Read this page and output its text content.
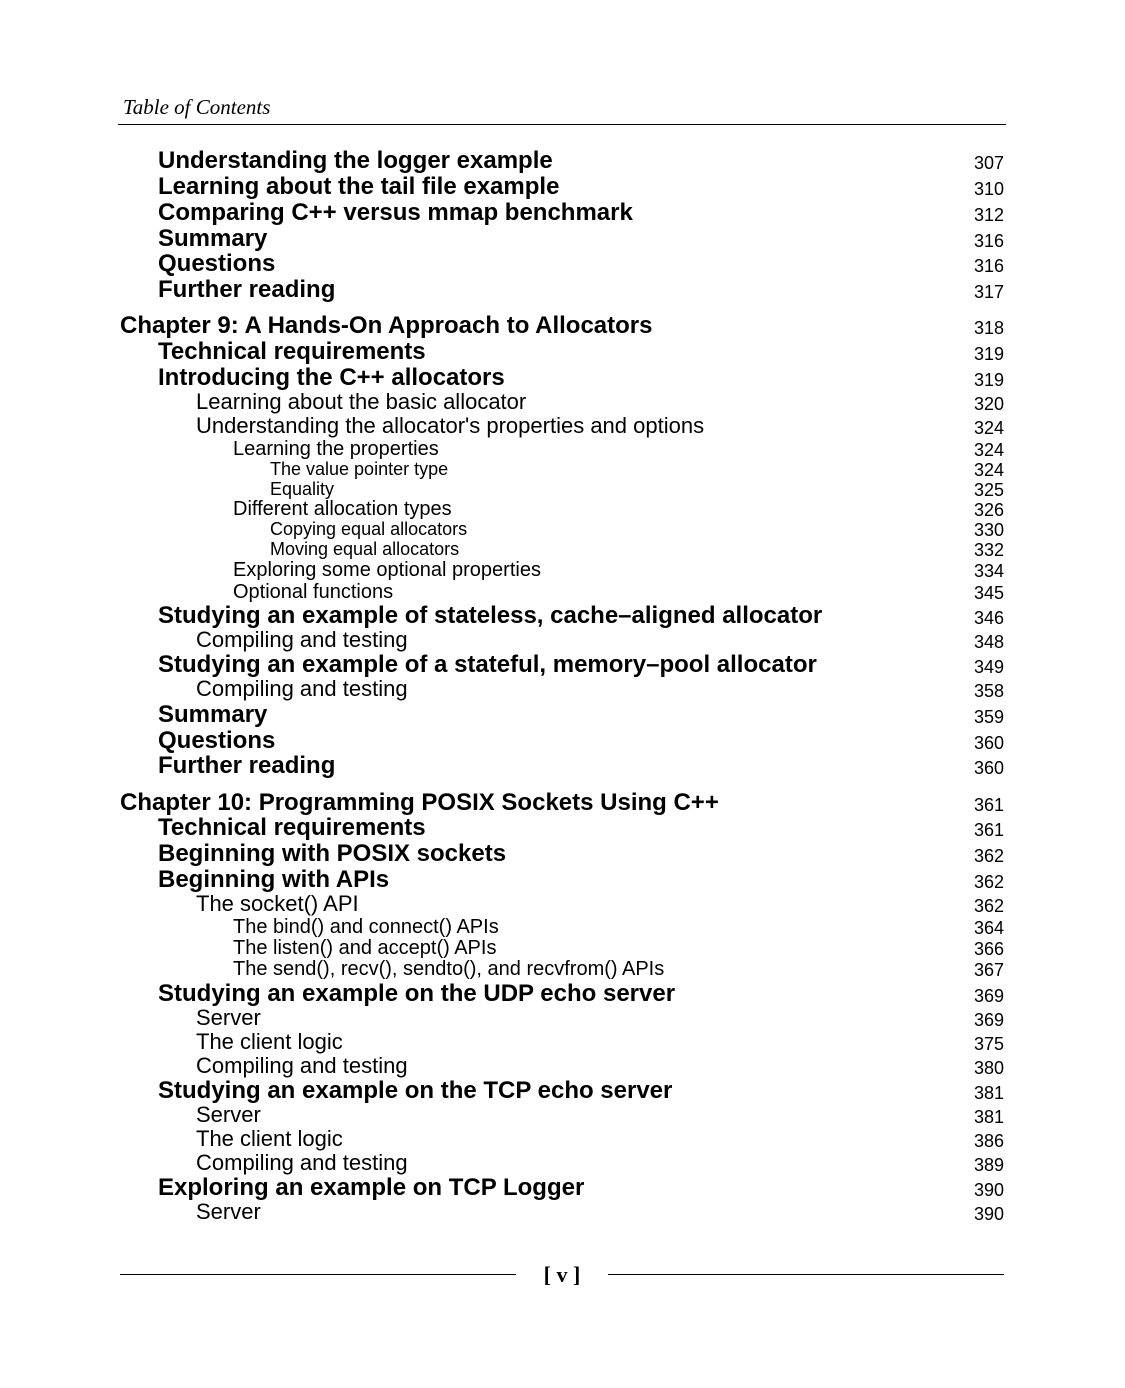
Table of Contents
Understanding the logger example	307
Learning about the tail file example	310
Comparing C++ versus mmap benchmark	312
Summary	316
Questions	316
Further reading	317
Chapter 9: A Hands-On Approach to Allocators	318
Technical requirements	319
Introducing the C++ allocators	319
Learning about the basic allocator	320
Understanding the allocator's properties and options	324
Learning the properties	324
The value pointer type	324
Equality	325
Different allocation types	326
Copying equal allocators	330
Moving equal allocators	332
Exploring some optional properties	334
Optional functions	345
Studying an example of stateless, cache–aligned allocator	346
Compiling and testing	348
Studying an example of a stateful, memory–pool allocator	349
Compiling and testing	358
Summary	359
Questions	360
Further reading	360
Chapter 10: Programming POSIX Sockets Using C++	361
Technical requirements	361
Beginning with POSIX sockets	362
Beginning with APIs	362
The socket() API	362
The bind() and connect() APIs	364
The listen() and accept() APIs	366
The send(), recv(), sendto(), and recvfrom() APIs	367
Studying an example on the UDP echo server	369
Server	369
The client logic	375
Compiling and testing	380
Studying an example on the TCP echo server	381
Server	381
The client logic	386
Compiling and testing	389
Exploring an example on TCP Logger	390
Server	390
[ v ]
